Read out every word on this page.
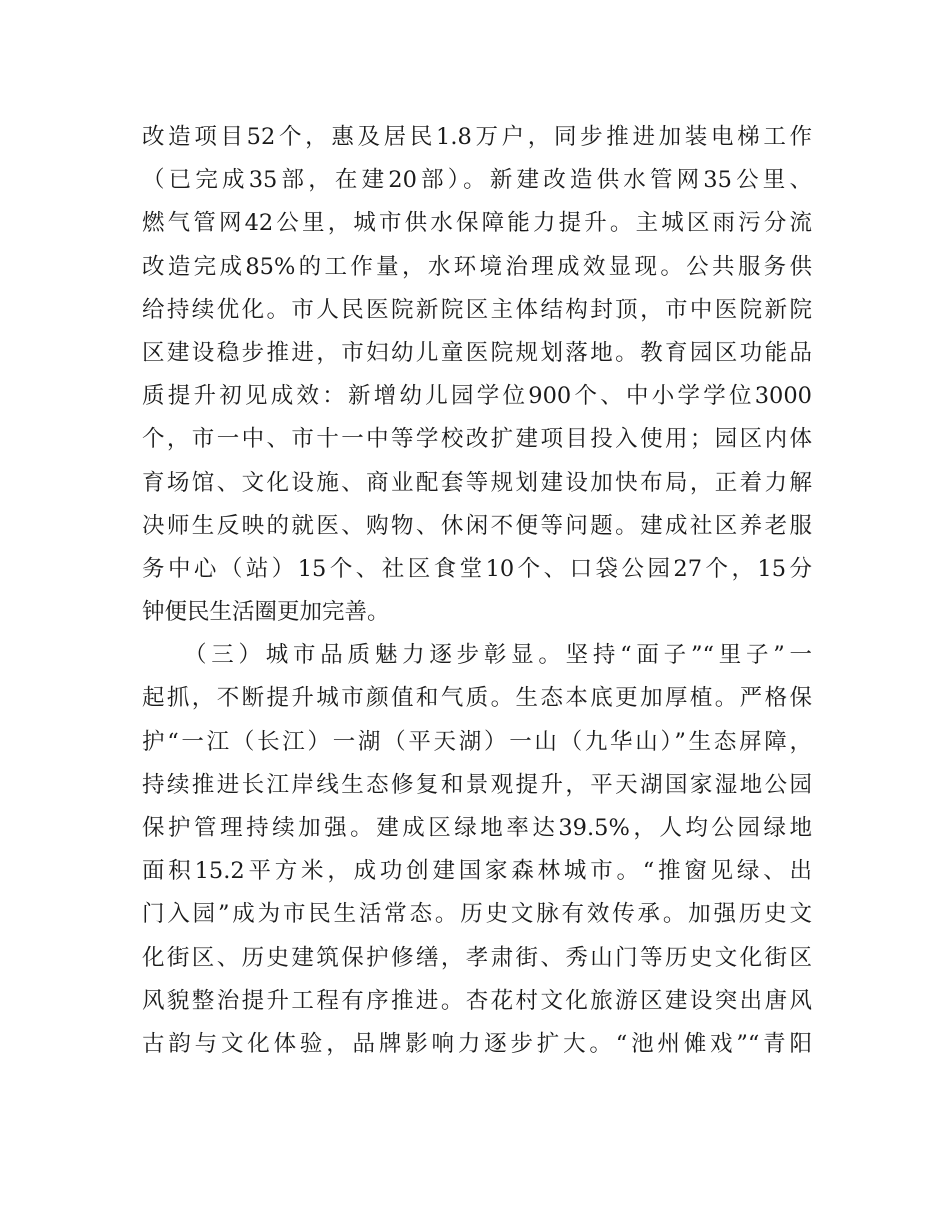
改造项目52个，惠及居民1.8万户，同步推进加装电梯工作
（已完成35部，在建20部）。新建改造供水管网35公里、
燃气管网42公里，城市供水保障能力提升。主城区雨污分流
改造完成85%的工作量，水环境治理成效显现。公共服务供
给持续优化。市人民医院新院区主体结构封顶，市中医院新院
区建设稳步推进，市妇幼儿童医院规划落地。教育园区功能品
质提升初见成效：新增幼儿园学位900个、中小学学位3000
个，市一中、市十一中等学校改扩建项目投入使用；园区内体
育场馆、文化设施、商业配套等规划建设加快布局，正着力解
决师生反映的就医、购物、休闲不便等问题。建成社区养老服
务中心（站）15个、社区食堂10个、口袋公园27个，15分
钟便民生活圈更加完善。
（三）城市品质魅力逐步彰显。坚持“面子”“里子”一
起抓，不断提升城市颜值和气质。生态本底更加厚植。严格保
护“一江（长江）一湖（平天湖）一山（九华山）”生态屏障，
持续推进长江岸线生态修复和景观提升，平天湖国家湿地公园
保护管理持续加强。建成区绿地率达39.5%，人均公园绿地
面积15.2平方米，成功创建国家森林城市。“推窗见绿、出
门入园”成为市民生活常态。历史文脉有效传承。加强历史文
化街区、历史建筑保护修缮，孝肃街、秀山门等历史文化街区
风貌整治提升工程有序推进。杏花村文化旅游区建设突出唐风
古韵与文化体验，品牌影响力逐步扩大。“池州傩戏”“青阳
